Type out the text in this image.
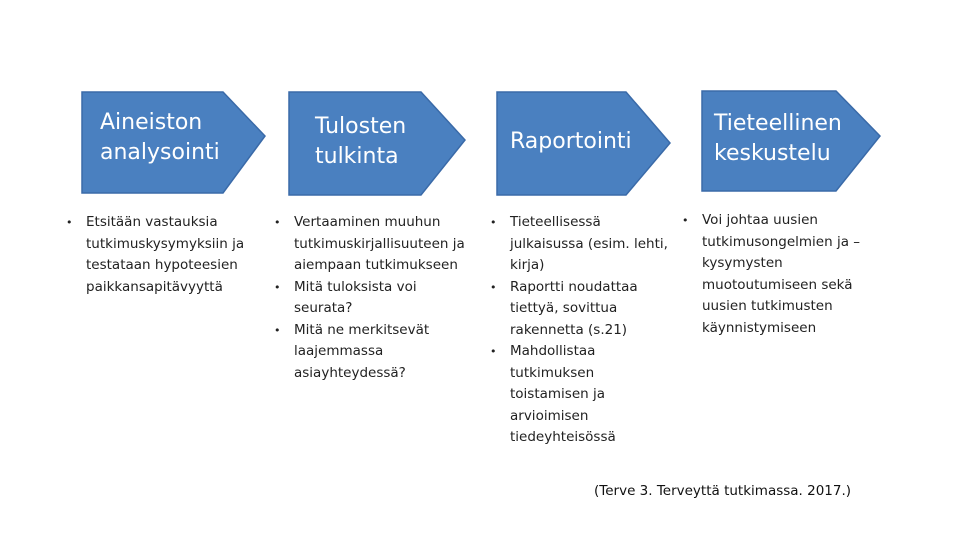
Aineiston
analysointi
• Etsitään vastauksia tutkimuskysymyksiin ja testataan hypoteesien paikkansapitävyyttä
Tulosten
tulkinta
• Vertaaminen muuhun tutkimuskirjallisuuteen ja aiempaan tutkimukseen
• Mitä tuloksista voi seurata?
• Mitä ne merkitsevät laajemmassa asiayhteydessä?
Raportointi
• Tieteellisessä julkaisussa (esim. lehti, kirja)
• Raportti noudattaa tiettyä, sovittua rakennetta (s.21)
• Mahdollistaa tutkimuksen toistamisen ja arvioimisen tiedeyhteisössä
Tieteellinen
keskustelu
• Voi johtaa uusien tutkimusongelmien ja –kysymysten muotoutumiseen sekä uusien tutkimusten käynnistymiseen
(Terve 3. Terveyttä tutkimassa. 2017.)
